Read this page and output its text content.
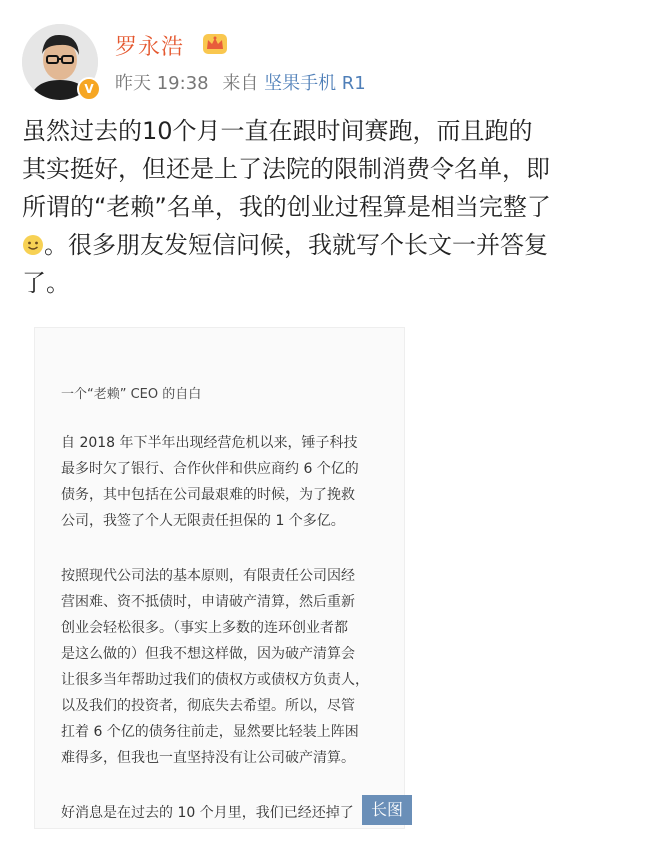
V
罗永浩
昨天 19:38 来自 坚果手机 R1
虽然过去的10个月一直在跟时间赛跑，而且跑的
其实挺好，但还是上了法院的限制消费令名单，即
所谓的“老赖”名单，我的创业过程算是相当完整了
。很多朋友发短信问候，我就写个长文一并答复
了。
一个“老赖” CEO 的自白
自 2018 年下半年出现经营危机以来，锤子科技
最多时欠了银行、合作伙伴和供应商约 6 个亿的
债务，其中包括在公司最艰难的时候，为了挽救
公司，我签了个人无限责任担保的 1 个多亿。
按照现代公司法的基本原则，有限责任公司因经
营困难、资不抵债时，申请破产清算，然后重新
创业会轻松很多。（事实上多数的连环创业者都
是这么做的）但我不想这样做，因为破产清算会
让很多当年帮助过我们的债权方或债权方负责人，
以及我们的投资者，彻底失去希望。所以，尽管
扛着 6 个亿的债务往前走，显然要比轻装上阵困
难得多，但我也一直坚持没有让公司破产清算。
好消息是在过去的 10 个月里，我们已经还掉了	长图
